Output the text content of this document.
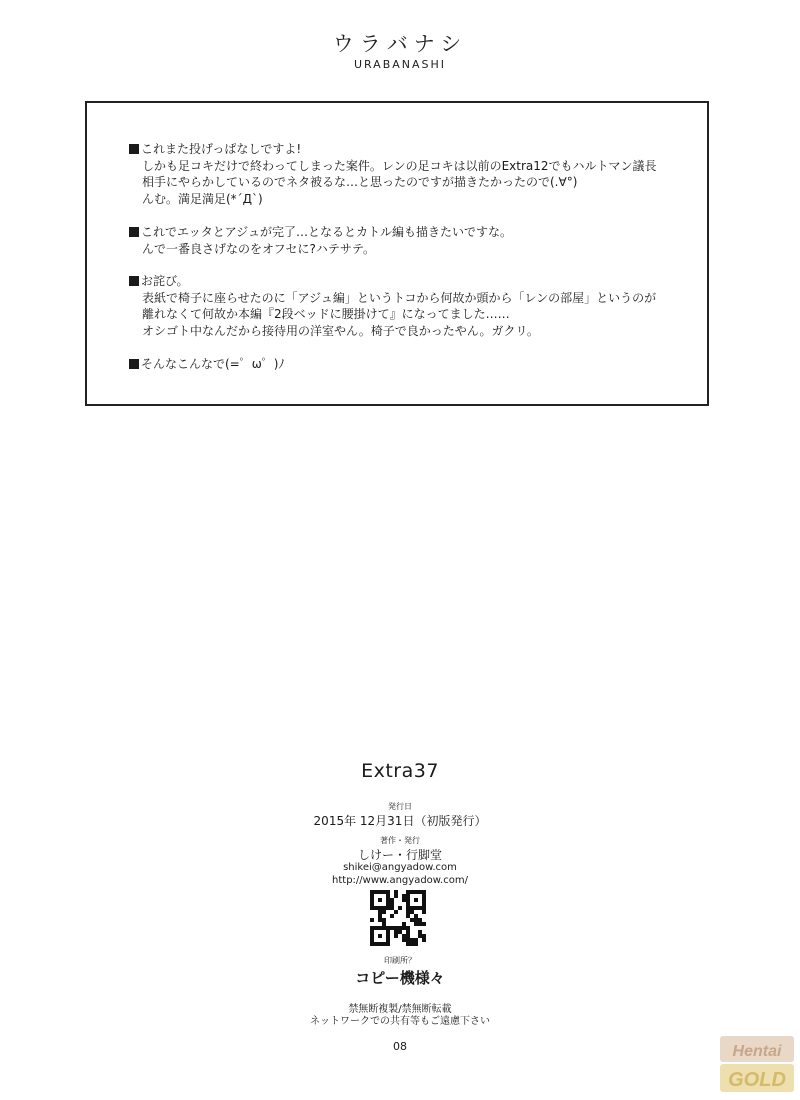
ウラバナシ
URABANASHI
これまた投げっぱなしですよ!
しかも足コキだけで終わってしまった案件。レンの足コキは以前のExtra12でもハルトマン議長
相手にやらかしているのでネタ被るな…と思ったのですが描きたかったので(.∀°)
んむ。満足満足(*´Д`)
これでエッタとアジュが完了…となるとカトル編も描きたいですな。
んで一番良さげなのをオフセに?ハテサテ。
お詫び。
表紙で椅子に座らせたのに「アジュ編」というトコから何故か頭から「レンの部屋」というのが
離れなくて何故か本編『2段ベッドに腰掛けて』になってました……
オシゴト中なんだから接待用の洋室やん。椅子で良かったやん。ガクリ。
そんなこんなで(=゜ω゜)ﾉ
Extra37
発行日
2015年 12月31日（初版発行）
著作・発行
しけー・行脚堂
shikei@angyadow.com
http://www.angyadow.com/
印刷所？
コピー機様々
禁無断複製/禁無断転載
ネットワークでの共有等もご遠慮下さい
08	Hentai
GOLD
